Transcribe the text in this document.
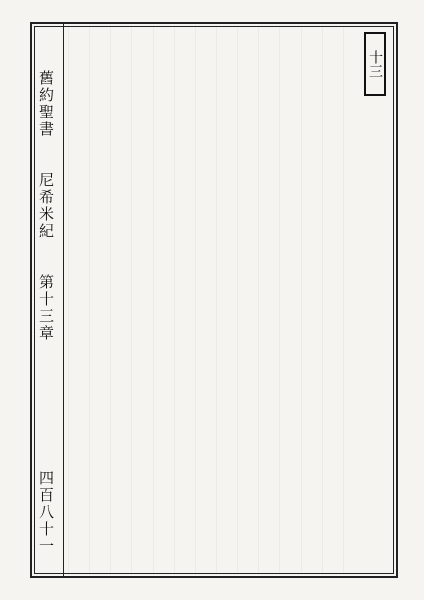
舊約聖書
尼希米紀
第十三章
四百八十一
十三
